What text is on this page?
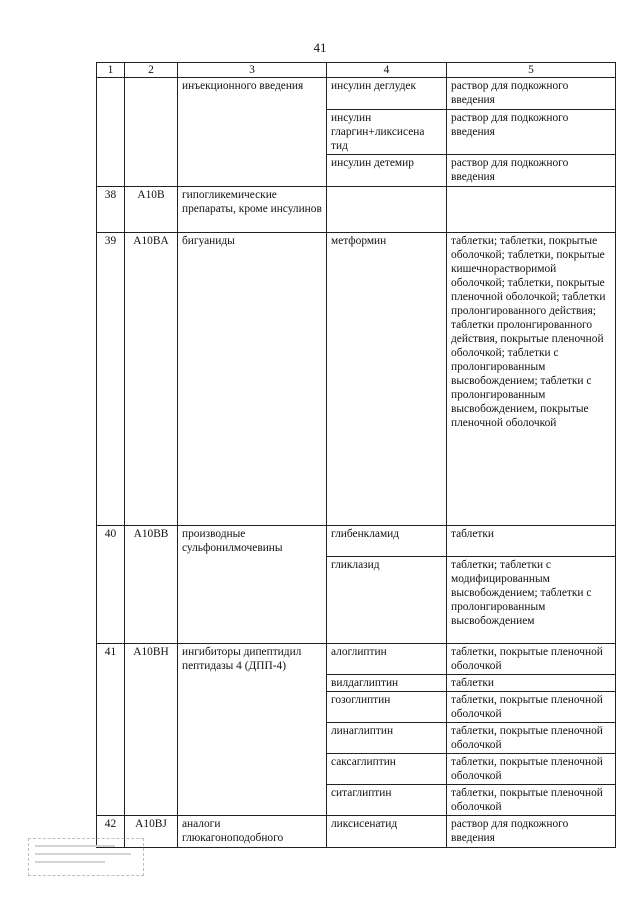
41
1	2	3	4	5
		инъекционного введения	инсулин деглудек	раствор для подкожного введения
			инсулин гларгин+ликсисена тид	раствор для подкожного введения
			инсулин детемир	раствор для подкожного введения
38	A10B	гипогликемические препараты, кроме инсулинов		
39	A10BA	бигуаниды	метформин	таблетки; таблетки, покрытые оболочкой; таблетки, покрытые кишечнорастворимой оболочкой; таблетки, покрытые пленочной оболочкой; таблетки пролонгированного действия; таблетки пролонгированного действия, покрытые пленочной оболочкой; таблетки с пролонгированным высвобождением; таблетки с пролонгированным высвобождением, покрытые пленочной оболочкой
40	A10BB	производные сульфонилмочевины	глибенкламид	таблетки
			гликлазид	таблетки; таблетки с модифицированным высвобождением; таблетки с пролонгированным высвобождением
41	A10BH	ингибиторы дипептидил пептидазы 4 (ДПП-4)	алоглиптин	таблетки, покрытые пленочной оболочкой
			вилдаглиптин	таблетки
			гозоглиптин	таблетки, покрытые пленочной оболочкой
			линаглиптин	таблетки, покрытые пленочной оболочкой
			саксаглиптин	таблетки, покрытые пленочной оболочкой
			ситаглиптин	таблетки, покрытые пленочной оболочкой
42	A10BJ	аналоги глюкагоноподобного	ликсисенатид	раствор для подкожного введения
